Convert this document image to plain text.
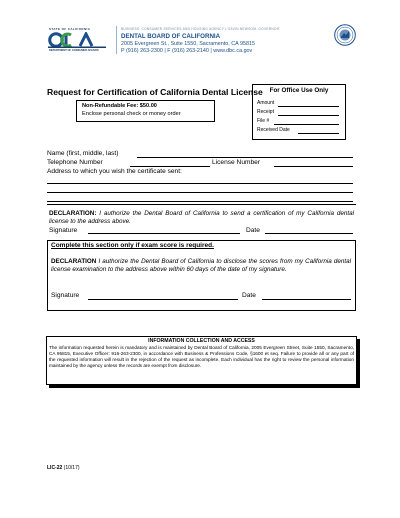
STATE OF CALIFORNIA
DEPARTMENT OF CONSUMER AFFAIRS
BUSINESS, CONSUMER SERVICES AND HOUSING AGENCY • GAVIN NEWSOM, GOVERNOR
DENTAL BOARD OF CALIFORNIA
2005 Evergreen St., Suite 1550, Sacramento, CA 95815
P (916) 263-2300 | F (916) 263-2140 | www.dbc.ca.gov
Request for Certification of California Dental License
Non-Refundable Fee: $50.00
Enclose personal check or money order
For Office Use Only
Amount
Receipt
File #
Received Date
Name (first, middle, last)
Telephone Number	License Number
Address to which you wish the certificate sent:
DECLARATION: I authorize the Dental Board of California to send a certification of my California dental license to the address above.
Signature	Date
Complete this section only if exam score is required.
DECLARATION I authorize the Dental Board of California to disclose the scores from my California dental license examination to the address above within 60 days of the date of my signature.
Signature	Date
INFORMATION COLLECTION AND ACCESS
The information requested herein is mandatory and is maintained by Dental Board of California, 2005 Evergreen Street, Suite 1550, Sacramento, CA 95815, Executive Officer: 916-263-2300, in accordance with Business & Professions Code, §1600 et seq. Failure to provide all or any part of the requested information will result in the rejection of the request as incomplete. Each individual has the right to review the personal information maintained by the agency unless the records are exempt from disclosure.
LIC-22 (10/17)
